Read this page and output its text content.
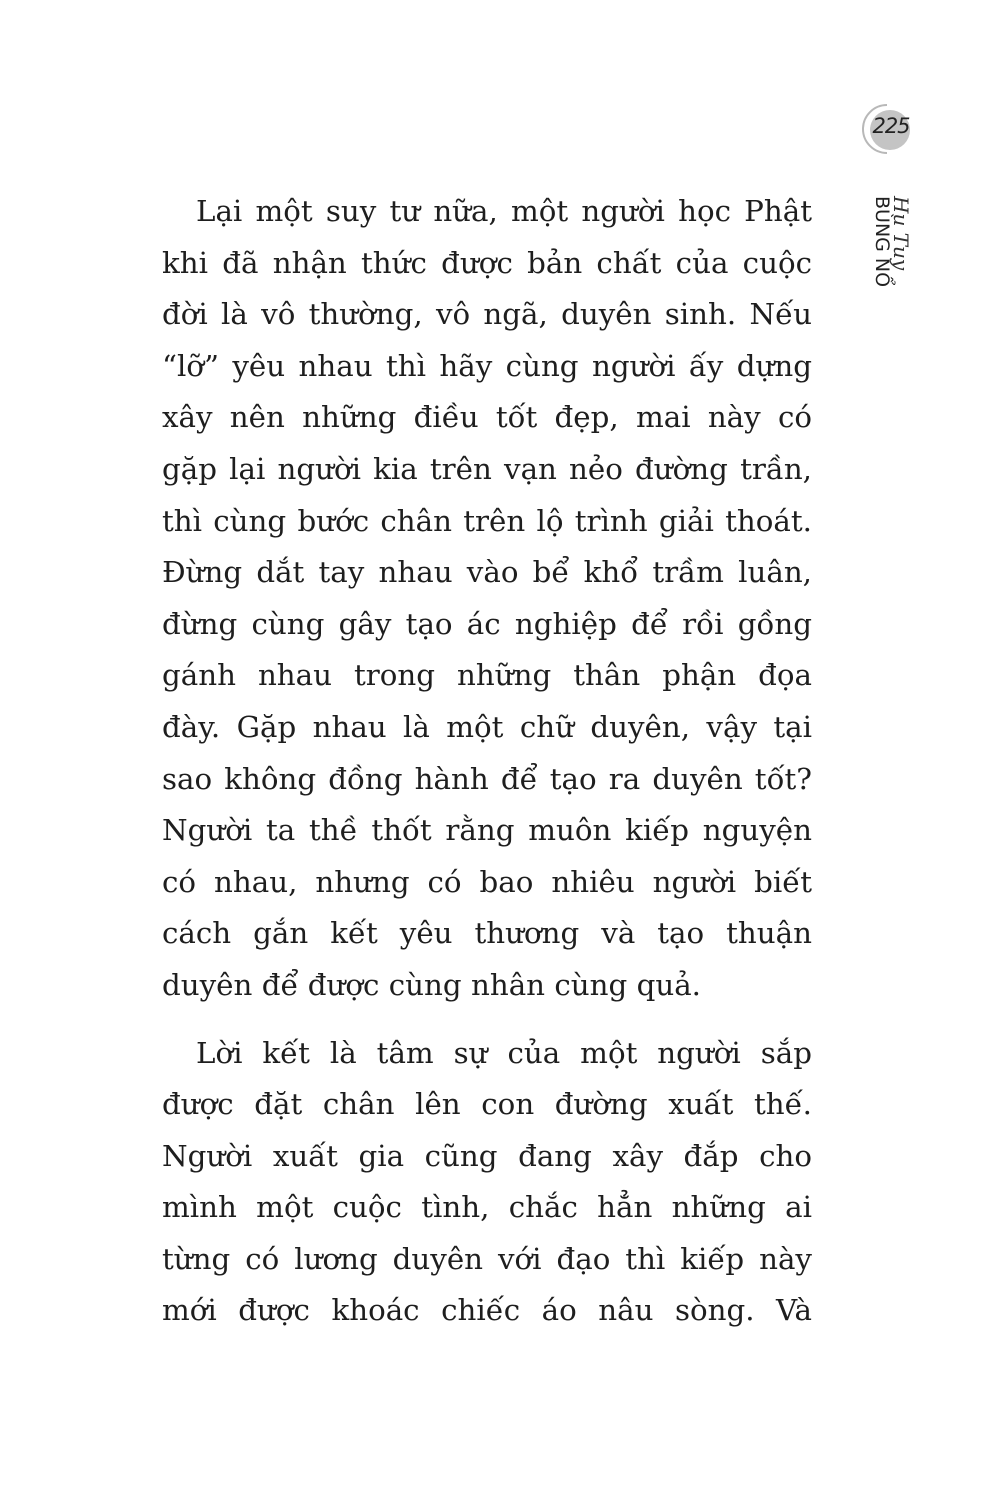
225
Hu Tuy
BÙNG NỔ

Lại một suy tư nữa, một người học Phật
khi đã nhận thức được bản chất của cuộc
đời là vô thường, vô ngã, duyên sinh. Nếu
“lỡ” yêu nhau thì hãy cùng người ấy dựng
xây nên những điều tốt đẹp, mai này có
gặp lại người kia trên vạn nẻo đường trần,
thì cùng bước chân trên lộ trình giải thoát.
Đừng dắt tay nhau vào bể khổ trầm luân,
đừng cùng gây tạo ác nghiệp để rồi gồng
gánh nhau trong những thân phận đọa
đày. Gặp nhau là một chữ duyên, vậy tại
sao không đồng hành để tạo ra duyên tốt?
Người ta thề thốt rằng muôn kiếp nguyện
có nhau, nhưng có bao nhiêu người biết
cách gắn kết yêu thương và tạo thuận
duyên để được cùng nhân cùng quả.

Lời kết là tâm sự của một người sắp
được đặt chân lên con đường xuất thế.
Người xuất gia cũng đang xây đắp cho
mình một cuộc tình, chắc hẳn những ai
từng có lương duyên với đạo thì kiếp này
mới được khoác chiếc áo nâu sòng. Và
